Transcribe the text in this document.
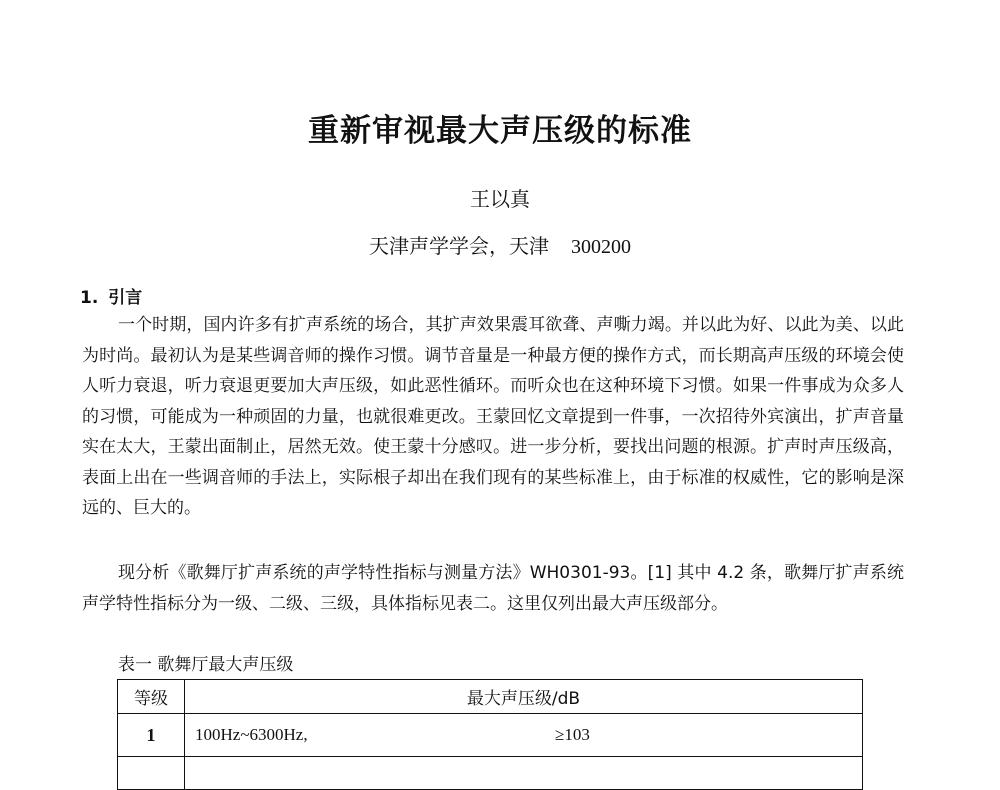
重新审视最大声压级的标准
王以真
天津声学学会，天津 300200
1. 引言

一个时期，国内许多有扩声系统的场合，其扩声效果震耳欲聋、声嘶力竭。并以此为好、以此为美、以此为时尚。最初认为是某些调音师的操作习惯。调节音量是一种最方便的操作方式，而长期高声压级的环境会使人听力衰退，听力衰退更要加大声压级，如此恶性循环。而听众也在这种环境下习惯。如果一件事成为众多人的习惯，可能成为一种顽固的力量，也就很难更改。王蒙回忆文章提到一件事，一次招待外宾演出，扩声音量实在太大，王蒙出面制止，居然无效。使王蒙十分感叹。进一步分析，要找出问题的根源。扩声时声压级高，表面上出在一些调音师的手法上，实际根子却出在我们现有的某些标准上，由于标准的权威性，它的影响是深远的、巨大的。

现分析《歌舞厅扩声系统的声学特性指标与测量方法》WH0301-93。[1] 其中 4.2 条，歌舞厅扩声系统声学特性指标分为一级、二级、三级，具体指标见表二。这里仅列出最大声压级部分。

表一 歌舞厅最大声压级
等级	最大声压级/dB
1	100Hz~6300Hz, ≥103
